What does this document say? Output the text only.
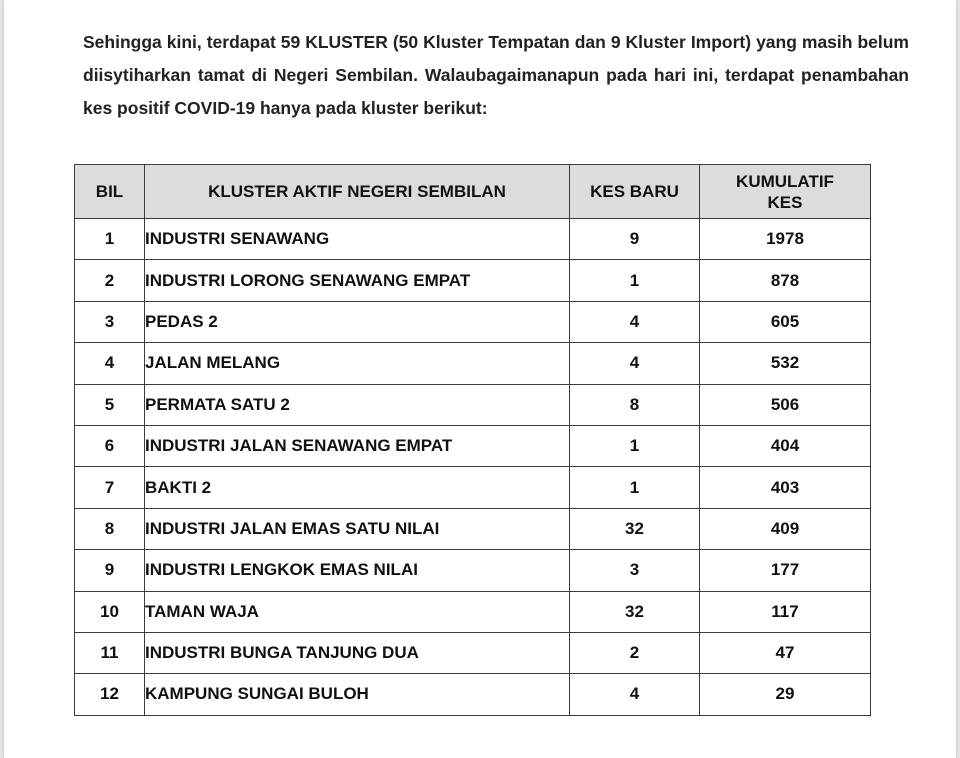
Sehingga kini, terdapat 59 KLUSTER (50 Kluster Tempatan dan 9 Kluster Import) yang masih belum diisytiharkan tamat di Negeri Sembilan. Walaubagaimanapun pada hari ini, terdapat penambahan kes positif COVID-19 hanya pada kluster berikut:

BIL	KLUSTER AKTIF NEGERI SEMBILAN	KES BARU	KUMULATIF
KES

1	INDUSTRI SENAWANG	9	1978
2	INDUSTRI LORONG SENAWANG EMPAT	1	878
3	PEDAS 2	4	605
4	JALAN MELANG	4	532
5	PERMATA SATU 2	8	506
6	INDUSTRI JALAN SENAWANG EMPAT	1	404
7	BAKTI 2	1	403
8	INDUSTRI JALAN EMAS SATU NILAI	32	409
9	INDUSTRI LENGKOK EMAS NILAI	3	177
10	TAMAN WAJA	32	117
11	INDUSTRI BUNGA TANJUNG DUA	2	47
12	KAMPUNG SUNGAI BULOH	4	29
